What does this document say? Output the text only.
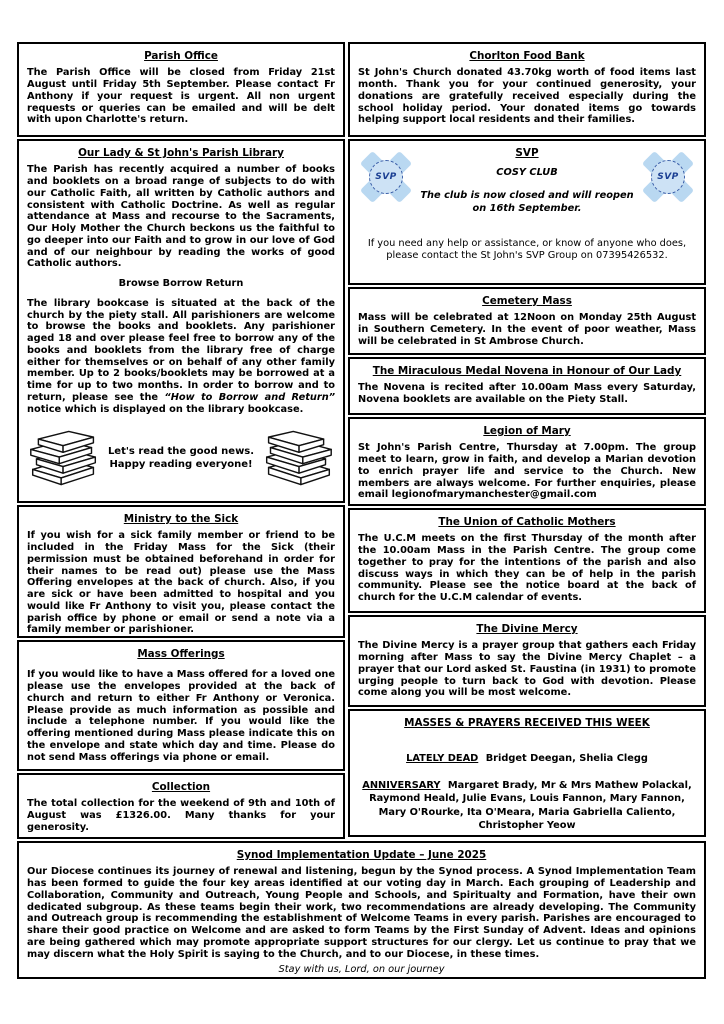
Parish Office

The Parish Office will be closed from Friday 21st August until Friday 5th September. Please contact Fr Anthony if your request is urgent. All non urgent requests or queries can be emailed and will be delt with upon Charlotte's return.

Our Lady & St John's Parish Library

The Parish has recently acquired a number of books and booklets on a broad range of subjects to do with our Catholic Faith, all written by Catholic authors and consistent with Catholic Doctrine. As well as regular attendance at Mass and recourse to the Sacraments, Our Holy Mother the Church beckons us the faithful to go deeper into our Faith and to grow in our love of God and of our neighbour by reading the works of good Catholic authors.

Browse Borrow Return

The library bookcase is situated at the back of the church by the piety stall. All parishioners are welcome to browse the books and booklets. Any parishioner aged 18 and over please feel free to borrow any of the books and booklets from the library free of charge either for themselves or on behalf of any other family member. Up to 2 books/booklets may be borrowed at a time for up to two months. In order to borrow and to return, please see the “How to Borrow and Return” notice which is displayed on the library bookcase.

Let's read the good news.
Happy reading everyone!
Ministry to the Sick

If you wish for a sick family member or friend to be included in the Friday Mass for the Sick (their permission must be obtained beforehand in order for their names to be read out) please use the Mass Offering envelopes at the back of church. Also, if you are sick or have been admitted to hospital and you would like Fr Anthony to visit you, please contact the parish office by phone or email or send a note via a family member or parishioner.

Mass Offerings

If you would like to have a Mass offered for a loved one please use the envelopes provided at the back of church and return to either Fr Anthony or Veronica. Please provide as much information as possible and include a telephone number. If you would like the offering mentioned during Mass please indicate this on the envelope and state which day and time. Please do not send Mass offerings via phone or email.

Collection

The total collection for the weekend of 9th and 10th of August was £1326.00. Many thanks for your generosity.

Chorlton Food Bank

St John's Church donated 43.70kg worth of food items last month. Thank you for your continued generosity, your donations are gratefully received especially during the school holiday period. Your donated items go towards helping support local residents and their families.

SVP	SVP
SVP

COSY CLUB

The club is now closed and will reopen
on 16th September.

If you need any help or assistance, or know of anyone who does, please contact the St John's SVP Group on 07395426532.

Cemetery Mass

Mass will be celebrated at 12Noon on Monday 25th August in Southern Cemetery. In the event of poor weather, Mass will be celebrated in St Ambrose Church.

The Miraculous Medal Novena in Honour of Our Lady

The Novena is recited after 10.00am Mass every Saturday, Novena booklets are available on the Piety Stall.

Legion of Mary

St John's Parish Centre, Thursday at 7.00pm. The group meet to learn, grow in faith, and develop a Marian devotion to enrich prayer life and service to the Church. New members are always welcome. For further enquiries, please email legionofmarymanchester@gmail.com

The Union of Catholic Mothers

The U.C.M meets on the first Thursday of the month after the 10.00am Mass in the Parish Centre. The group come together to pray for the intentions of the parish and also discuss ways in which they can be of help in the parish community. Please see the notice board at the back of church for the U.C.M calendar of events.

The Divine Mercy

The Divine Mercy is a prayer group that gathers each Friday morning after Mass to say the Divine Mercy Chaplet – a prayer that our Lord asked St. Faustina (in 1931) to promote urging people to turn back to God with devotion. Please come along you will be most welcome.

MASSES & PRAYERS RECEIVED THIS WEEK

LATELY DEAD Bridget Deegan, Shelia Clegg

ANNIVERSARY Margaret Brady, Mr & Mrs Mathew Polackal, Raymond Heald, Julie Evans, Louis Fannon, Mary Fannon, Mary O'Rourke, Ita O'Meara, Maria Gabriella Caliento, Christopher Yeow

Synod Implementation Update – June 2025

Our Diocese continues its journey of renewal and listening, begun by the Synod process. A Synod Implementation Team has been formed to guide the four key areas identified at our voting day in March. Each grouping of Leadership and Collaboration, Community and Outreach, Young People and Schools, and Spiritualty and Formation, have their own dedicated subgroup. As these teams begin their work, two recommendations are already developing. The Community and Outreach group is recommending the establishment of Welcome Teams in every parish. Parishes are encouraged to share their good practice on Welcome and are asked to form Teams by the First Sunday of Advent. Ideas and opinions are being gathered which may promote appropriate support structures for our clergy. Let us continue to pray that we may discern what the Holy Spirit is saying to the Church, and to our Diocese, in these times.

Stay with us, Lord, on our journey
